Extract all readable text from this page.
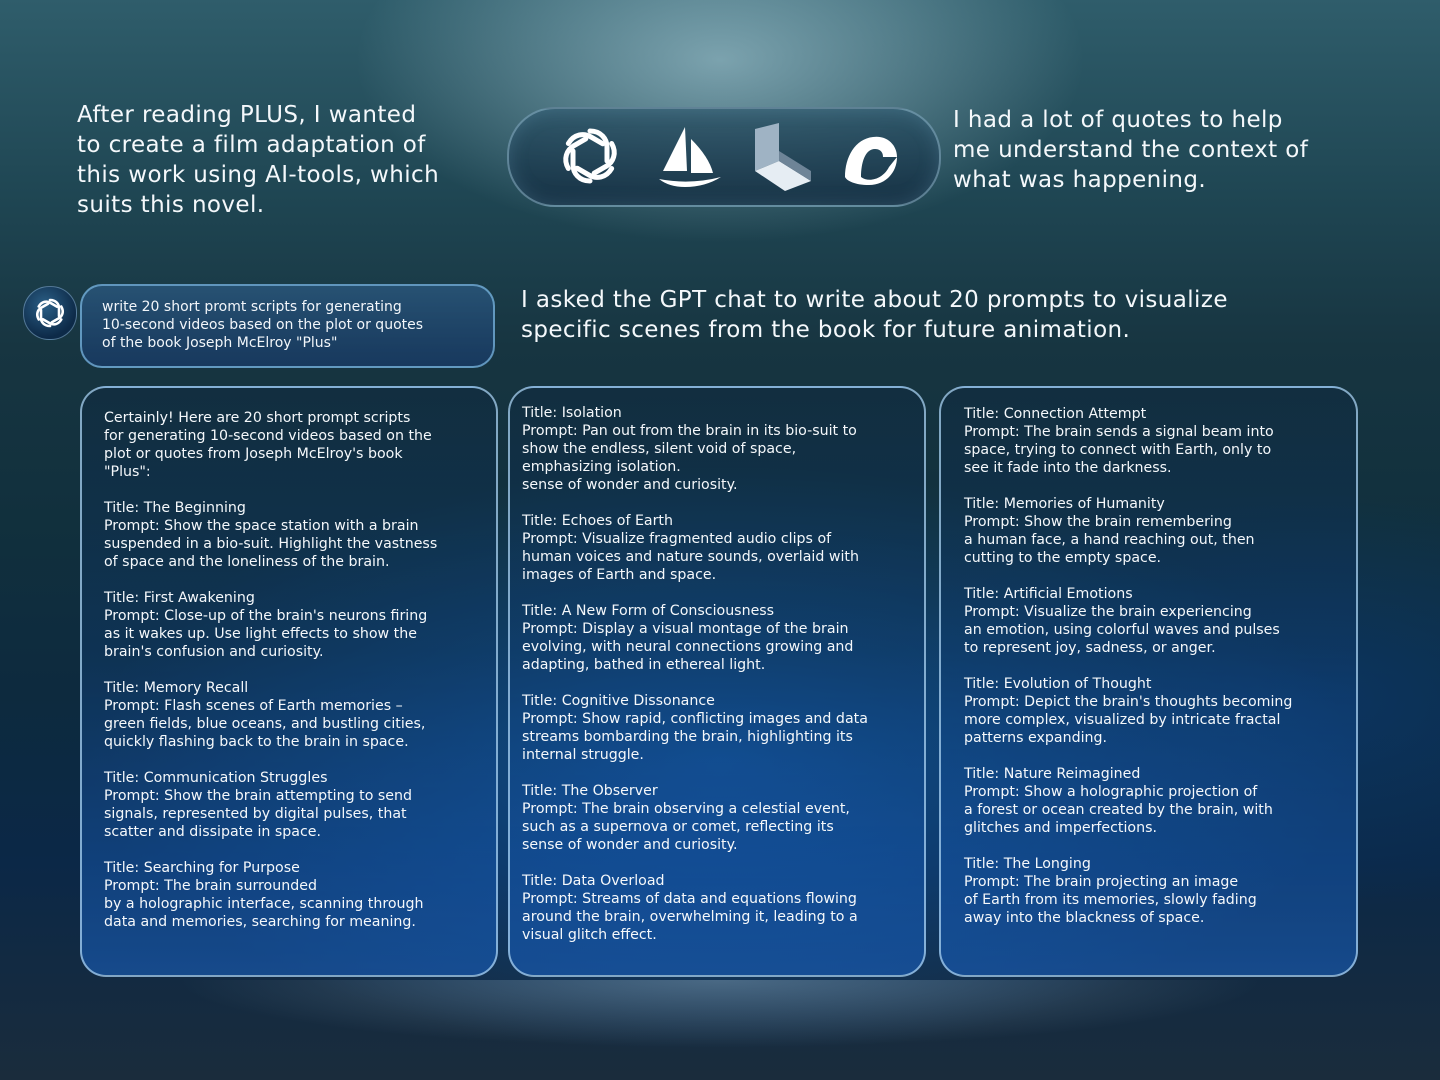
After reading PLUS, I wanted
to create a film adaptation of
this work using AI-tools, which
suits this novel.

I had a lot of quotes to help
me understand the context of
what was happening.

write 20 short promt scripts for generating
10-second videos based on the plot or quotes
of the book Joseph McElroy "Plus"

I asked the GPT chat to write about 20 prompts to visualize
specific scenes from the book for future animation.

Certainly! Here are 20 short prompt scripts
for generating 10-second videos based on the
plot or quotes from Joseph McElroy's book
"Plus":

Title: The Beginning
Prompt: Show the space station with a brain
suspended in a bio-suit. Highlight the vastness
of space and the loneliness of the brain.

Title: First Awakening
Prompt: Close-up of the brain's neurons firing
as it wakes up. Use light effects to show the
brain's confusion and curiosity.

Title: Memory Recall
Prompt: Flash scenes of Earth memories –
green fields, blue oceans, and bustling cities,
quickly flashing back to the brain in space.

Title: Communication Struggles
Prompt: Show the brain attempting to send
signals, represented by digital pulses, that
scatter and dissipate in space.

Title: Searching for Purpose
Prompt: The brain surrounded
by a holographic interface, scanning through
data and memories, searching for meaning.

Title: Isolation
Prompt: Pan out from the brain in its bio-suit to
show the endless, silent void of space,
emphasizing isolation.
sense of wonder and curiosity.

Title: Echoes of Earth
Prompt: Visualize fragmented audio clips of
human voices and nature sounds, overlaid with
images of Earth and space.

Title: A New Form of Consciousness
Prompt: Display a visual montage of the brain
evolving, with neural connections growing and
adapting, bathed in ethereal light.

Title: Cognitive Dissonance
Prompt: Show rapid, conflicting images and data
streams bombarding the brain, highlighting its
internal struggle.

Title: The Observer
Prompt: The brain observing a celestial event,
such as a supernova or comet, reflecting its
sense of wonder and curiosity.

Title: Data Overload
Prompt: Streams of data and equations flowing
around the brain, overwhelming it, leading to a
visual glitch effect.

Title: Connection Attempt
Prompt: The brain sends a signal beam into
space, trying to connect with Earth, only to
see it fade into the darkness.

Title: Memories of Humanity
Prompt: Show the brain remembering
a human face, a hand reaching out, then
cutting to the empty space.

Title: Artificial Emotions
Prompt: Visualize the brain experiencing
an emotion, using colorful waves and pulses
to represent joy, sadness, or anger.

Title: Evolution of Thought
Prompt: Depict the brain's thoughts becoming
more complex, visualized by intricate fractal
patterns expanding.

Title: Nature Reimagined
Prompt: Show a holographic projection of
a forest or ocean created by the brain, with
glitches and imperfections.

Title: The Longing
Prompt: The brain projecting an image
of Earth from its memories, slowly fading
away into the blackness of space.
